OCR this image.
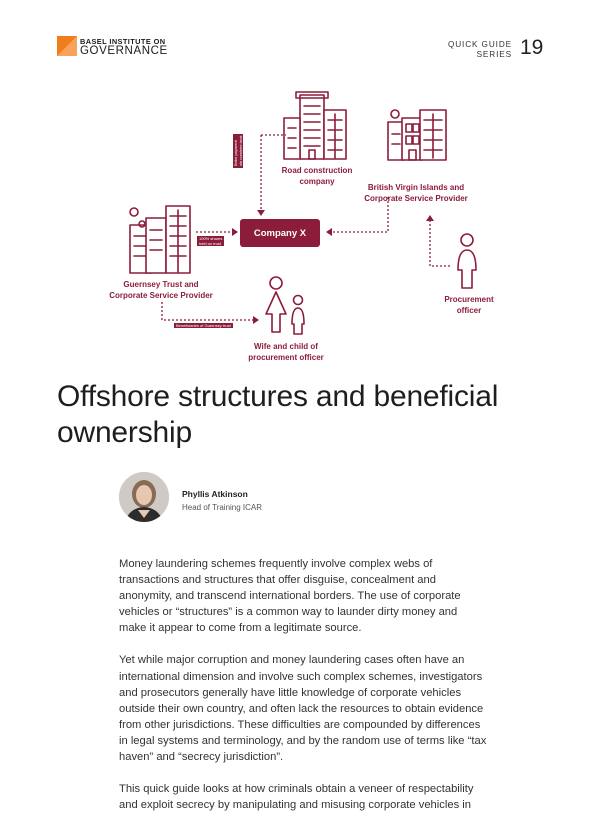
BASEL INSTITUTE ON
GOVERNANCE
QUICK GUIDE
SERIES 19
Company X
Road construction
company
British Virgin Islands and
Corporate Service Provider
Guernsey Trust and
Corporate Service Provider	Procurement
officer
Wife and child of
procurement officer
100% shares
held on trust
Beneficiaries of Guernsey trust
Bribe payment
via nominee trust
Offshore structures and beneficial ownership
Phyllis Atkinson
Head of Training ICAR

Money laundering schemes frequently involve complex webs of transactions and structures that offer disguise, concealment and anonymity, and transcend international borders. The use of corporate vehicles or “structures” is a common way to launder dirty money and make it appear to come from a legitimate source.

Yet while major corruption and money laundering cases often have an international dimension and involve such complex schemes, investigators and prosecutors generally have little knowledge of corporate vehicles outside their own country, and often lack the resources to obtain evidence from other jurisdictions. These difficulties are compounded by differences in legal systems and terminology, and by the random use of terms like “tax haven” and “secrecy jurisdiction”.

This quick guide looks at how criminals obtain a veneer of respectability and exploit secrecy by manipulating and misusing corporate vehicles in
